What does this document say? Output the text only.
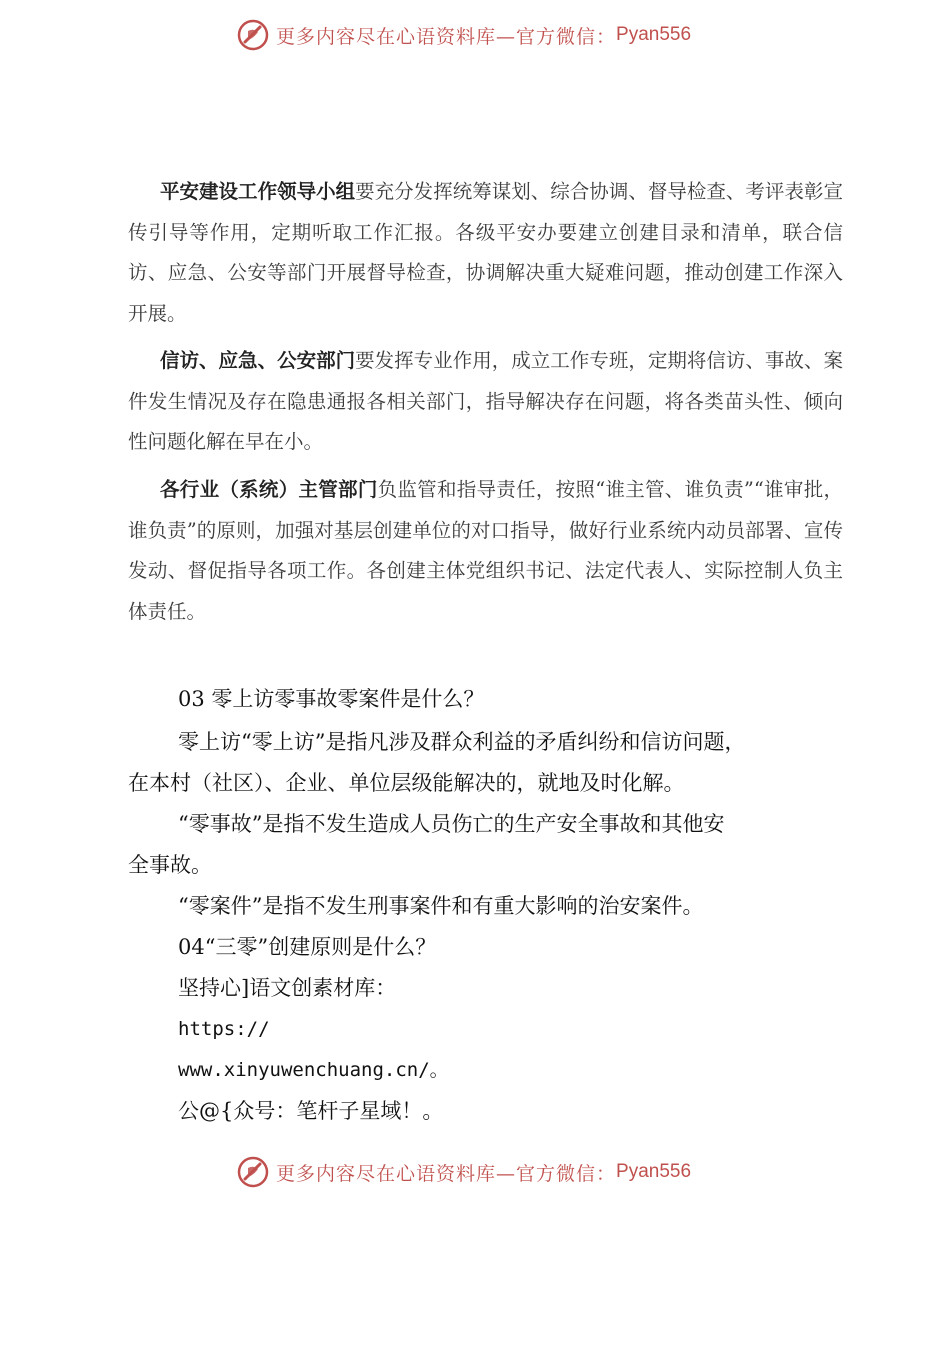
更多内容尽在心语资料库—官方微信： Pyan556

平安建设工作领导小组要充分发挥统筹谋划、综合协调、督导检查、考评表彰宣传引导等作用，定期听取工作汇报。各级平安办要建立创建目录和清单，联合信访、应急、公安等部门开展督导检查，协调解决重大疑难问题，推动创建工作深入开展。

信访、应急、公安部门要发挥专业作用，成立工作专班，定期将信访、事故、案件发生情况及存在隐患通报各相关部门，指导解决存在问题，将各类苗头性、倾向性问题化解在早在小。

各行业（系统）主管部门负监管和指导责任，按照“谁主管、谁负责”“谁审批，谁负责”的原则，加强对基层创建单位的对口指导，做好行业系统内动员部署、宣传发动、督促指导各项工作。各创建主体党组织书记、法定代表人、实际控制人负主体责任。

03 零上访零事故零案件是什么？

零上访“零上访”是指凡涉及群众利益的矛盾纠纷和信访问题，

在本村（社区）、企业、单位层级能解决的，就地及时化解。

“零事故”是指不发生造成人员伤亡的生产安全事故和其他安

全事故。

“零案件”是指不发生刑事案件和有重大影响的治安案件。

04“三零”创建原则是什么？

坚持心]语文创素材库：

https://

www.xinyuwenchuang.cn/。

公@{众号：笔杆子星域！。

更多内容尽在心语资料库—官方微信： Pyan556
